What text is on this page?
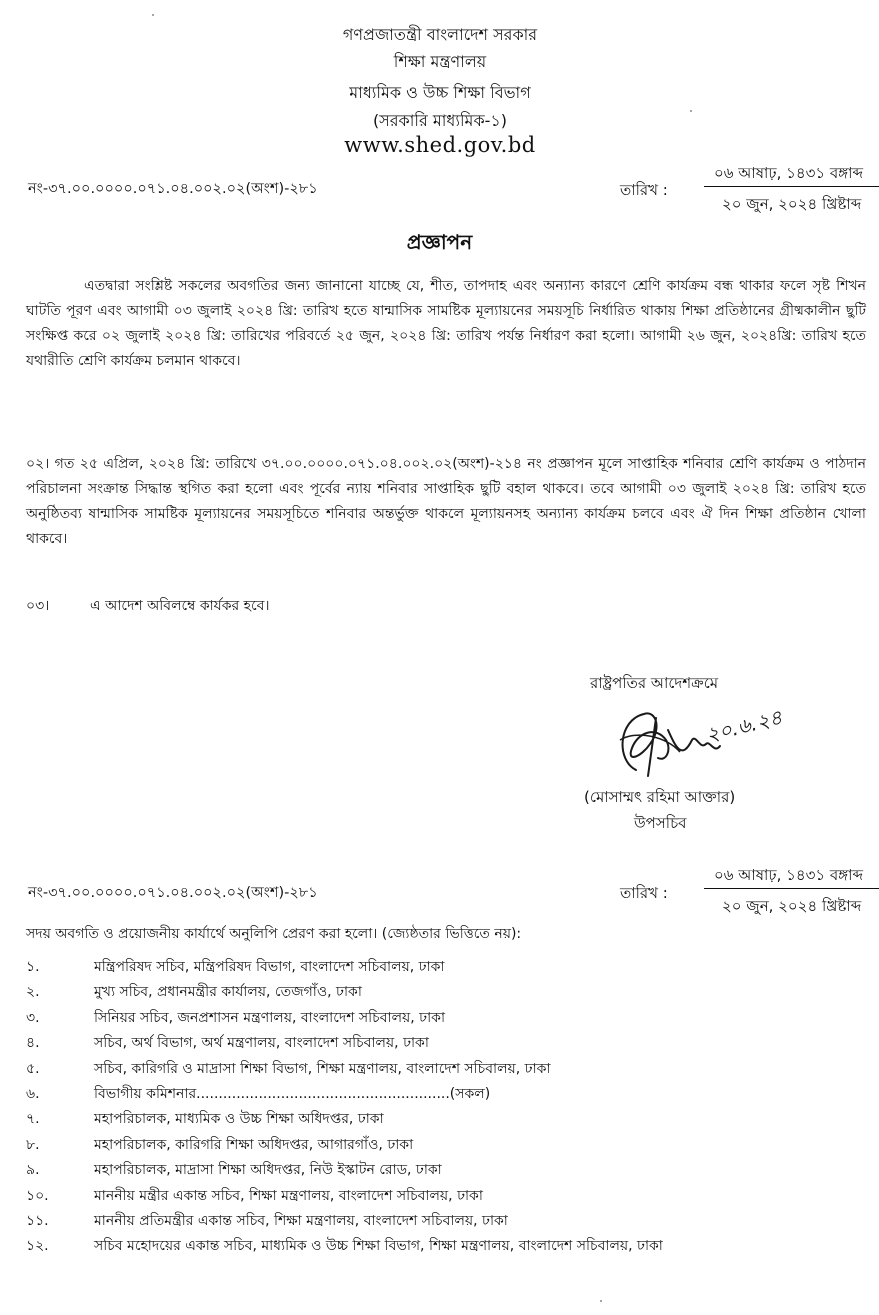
গণপ্রজাতন্ত্রী বাংলাদেশ সরকার
শিক্ষা মন্ত্রণালয়
মাধ্যমিক ও উচ্চ শিক্ষা বিভাগ
(সরকারি মাধ্যমিক-১)
www.shed.gov.bd
নং-৩৭.০০.০০০০.০৭১.০৪.০০২.০২(অংশ)-২৮১	তারিখ :
০৬ আষাঢ়, ১৪৩১ বঙ্গাব্দ
২০ জুন, ২০২৪ খ্রিষ্টাব্দ
প্রজ্ঞাপন
এতদ্বারা সংশ্লিষ্ট সকলের অবগতির জন্য জানানো যাচ্ছে যে, শীত, তাপদাহ এবং অন্যান্য কারণে শ্রেণি কার্যক্রম বন্ধ থাকার ফলে সৃষ্ট শিখন ঘাটতি পূরণ এবং আগামী ০৩ জুলাই ২০২৪ খ্রি: তারিখ হতে ষান্মাসিক সামষ্টিক মূল্যায়নের সময়সূচি নির্ধারিত থাকায় শিক্ষা প্রতিষ্ঠানের গ্রীষ্মকালীন ছুটি সংক্ষিপ্ত করে ০২ জুলাই ২০২৪ খ্রি: তারিখের পরিবর্তে ২৫ জুন, ২০২৪ খ্রি: তারিখ পর্যন্ত নির্ধারণ করা হলো। আগামী ২৬ জুন, ২০২৪খ্রি: তারিখ হতে যথারীতি শ্রেণি কার্যক্রম চলমান থাকবে।
০২। গত ২৫ এপ্রিল, ২০২৪ খ্রি: তারিখে ৩৭.০০.০০০০.০৭১.০৪.০০২.০২(অংশ)-২১৪ নং প্রজ্ঞাপন মূলে সাপ্তাহিক শনিবার শ্রেণি কার্যক্রম ও পাঠদান পরিচালনা সংক্রান্ত সিদ্ধান্ত স্থগিত করা হলো এবং পূর্বের ন্যায় শনিবার সাপ্তাহিক ছুটি বহাল থাকবে। তবে আগামী ০৩ জুলাই ২০২৪ খ্রি: তারিখ হতে অনুষ্ঠিতব্য ষান্মাসিক সামষ্টিক মূল্যায়নের সময়সূচিতে শনিবার অন্তর্ভুক্ত থাকলে মূল্যায়নসহ অন্যান্য কার্যক্রম চলবে এবং ঐ দিন শিক্ষা প্রতিষ্ঠান খোলা থাকবে।
০৩।	এ আদেশ অবিলম্বে কার্যকর হবে।
রাষ্ট্রপতির আদেশক্রমে
২০.৬.২৪
(মোসাম্মৎ রহিমা আক্তার)
উপসচিব
নং-৩৭.০০.০০০০.০৭১.০৪.০০২.০২(অংশ)-২৮১	তারিখ :
০৬ আষাঢ়, ১৪৩১ বঙ্গাব্দ
২০ জুন, ২০২৪ খ্রিষ্টাব্দ
সদয় অবগতি ও প্রয়োজনীয় কার্যার্থে অনুলিপি প্রেরণ করা হলো। (জ্যেষ্ঠতার ভিত্তিতে নয়):
১.	মন্ত্রিপরিষদ সচিব, মন্ত্রিপরিষদ বিভাগ, বাংলাদেশ সচিবালয়, ঢাকা
২.	মুখ্য সচিব, প্রধানমন্ত্রীর কার্যালয়, তেজগাঁও, ঢাকা
৩.	সিনিয়র সচিব, জনপ্রশাসন মন্ত্রণালয়, বাংলাদেশ সচিবালয়, ঢাকা
৪.	সচিব, অর্থ বিভাগ, অর্থ মন্ত্রণালয়, বাংলাদেশ সচিবালয়, ঢাকা
৫.	সচিব, কারিগরি ও মাদ্রাসা শিক্ষা বিভাগ, শিক্ষা মন্ত্রণালয়, বাংলাদেশ সচিবালয়, ঢাকা
৬.	বিভাগীয় কমিশনার.........................................................(সকল)
৭.	মহাপরিচালক, মাধ্যমিক ও উচ্চ শিক্ষা অধিদপ্তর, ঢাকা
৮.	মহাপরিচালক, কারিগরি শিক্ষা অধিদপ্তর, আগারগাঁও, ঢাকা
৯.	মহাপরিচালক, মাদ্রাসা শিক্ষা অধিদপ্তর, নিউ ইস্কাটন রোড, ঢাকা
১০.	মাননীয় মন্ত্রীর একান্ত সচিব, শিক্ষা মন্ত্রণালয়, বাংলাদেশ সচিবালয়, ঢাকা
১১.	মাননীয় প্রতিমন্ত্রীর একান্ত সচিব, শিক্ষা মন্ত্রণালয়, বাংলাদেশ সচিবালয়, ঢাকা
১২.	সচিব মহোদয়ের একান্ত সচিব, মাধ্যমিক ও উচ্চ শিক্ষা বিভাগ, শিক্ষা মন্ত্রণালয়, বাংলাদেশ সচিবালয়, ঢাকা
